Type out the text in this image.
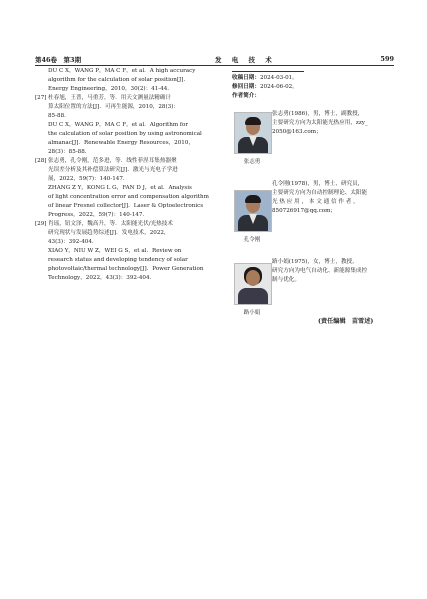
第46卷　第3期	发 电 技 术	599
DU C X，WANG P，MA C F，et al．A high accuracy
algorithm for the calculation of solar position[J]．
Energy Engineering，2010，30(2)：41-44．
[27] 杜春旭，王普，马重芳，等．用天文测量法精确计
算太阳位置的方法[J]．可再生能源，2010，28(3)：
85-88．
DU C X，WANG P，MA C F，et al．Algorithm for
the calculation of solar position by using astronomical
almanac[J]．Renewable Energy Resources，2010，
28(3)：85-88．
[28] 张志勇，孔令刚，范多进，等．线性菲涅耳集热器聚
光误差分析及其补偿算法研究[J]．激光与光电子学进
展，2022，59(7)：140-147．
ZHANG Z Y，KONG L G，FAN D J，et al．Analysis
of light concentration error and compensation algorithm
of linear Fresnel collector[J]．Laser & Optoelectronics
Progress，2022，59(7)：140-147．
[29] 肖瑶，钮文泽，魏高升，等．太阳能光伏/光热技术
研究现状与发展趋势综述[J]．发电技术，2022，
43(3)：392-404．
XIAO Y，NIU W Z，WEI G S，et al．Review on
research status and developing tendency of solar
photovoltaic/thermal technology[J]．Power Generation
Technology，2022，43(3)：392-404．
收稿日期：2024-03-01。
修回日期：2024-06-02。
作者简介：
张志勇
张志勇(1986)，男，博士，副教授，
主要研究方向为太阳能光热应用，zzy_
2050@163.com；
孔令刚
孔令刚(1978)，男，博士，研究员，
主要研究方向为自动控制理论、太阳能
光 热 应 用 ， 本 文 通 信 作 者 ，
850726917@qq.com；
路小娟
路小娟(1975)，女，博士，教授，
研究方向为电气自动化、新能源集成控
制与优化。
(责任编辑　苗雪述)
